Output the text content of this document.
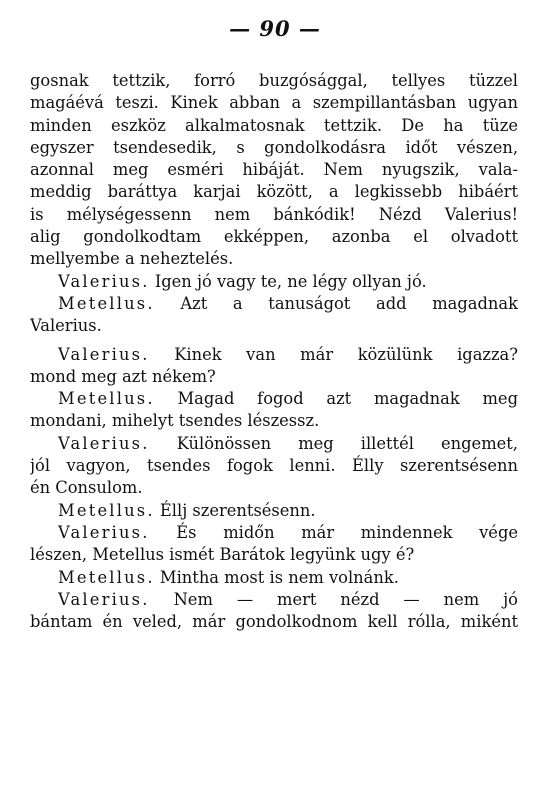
— 90 —
gosnak tettzik, forró buzgósággal, tellyes tüzzel
magáévá teszi. Kinek abban a szempillantásban ugyan
minden eszköz alkalmatosnak tettzik. De ha tüze
egyszer tsendesedik, s gondolkodásra időt vészen,
azonnal meg esméri hibáját. Nem nyugszik, vala-
meddig baráttya karjai között, a legkissebb hibáért
is mélységessenn nem bánkódik! Nézd Valerius!
alig gondolkodtam ekképpen, azonba el olvadott
mellyembe a neheztelés.
Valerius. Igen jó vagy te, ne légy ollyan jó.
Metellus. Azt a tanuságot add magadnak
Valerius.
Valerius. Kinek van már közülünk igazza?
mond meg azt nékem?
Metellus. Magad fogod azt magadnak meg
mondani, mihelyt tsendes lészessz.
Valerius. Különössen meg illettél engemet,
jól vagyon, tsendes fogok lenni. Élly szerentsésenn
én Consulom.
Metellus. Éllj szerentsésenn.
Valerius. És midőn már mindennek vége
lészen, Metellus ismét Barátok legyünk ugy é?
Metellus. Mintha most is nem volnánk.
Valerius. Nem — mert nézd — nem jó
bántam én veled, már gondolkodnom kell rólla, miként
